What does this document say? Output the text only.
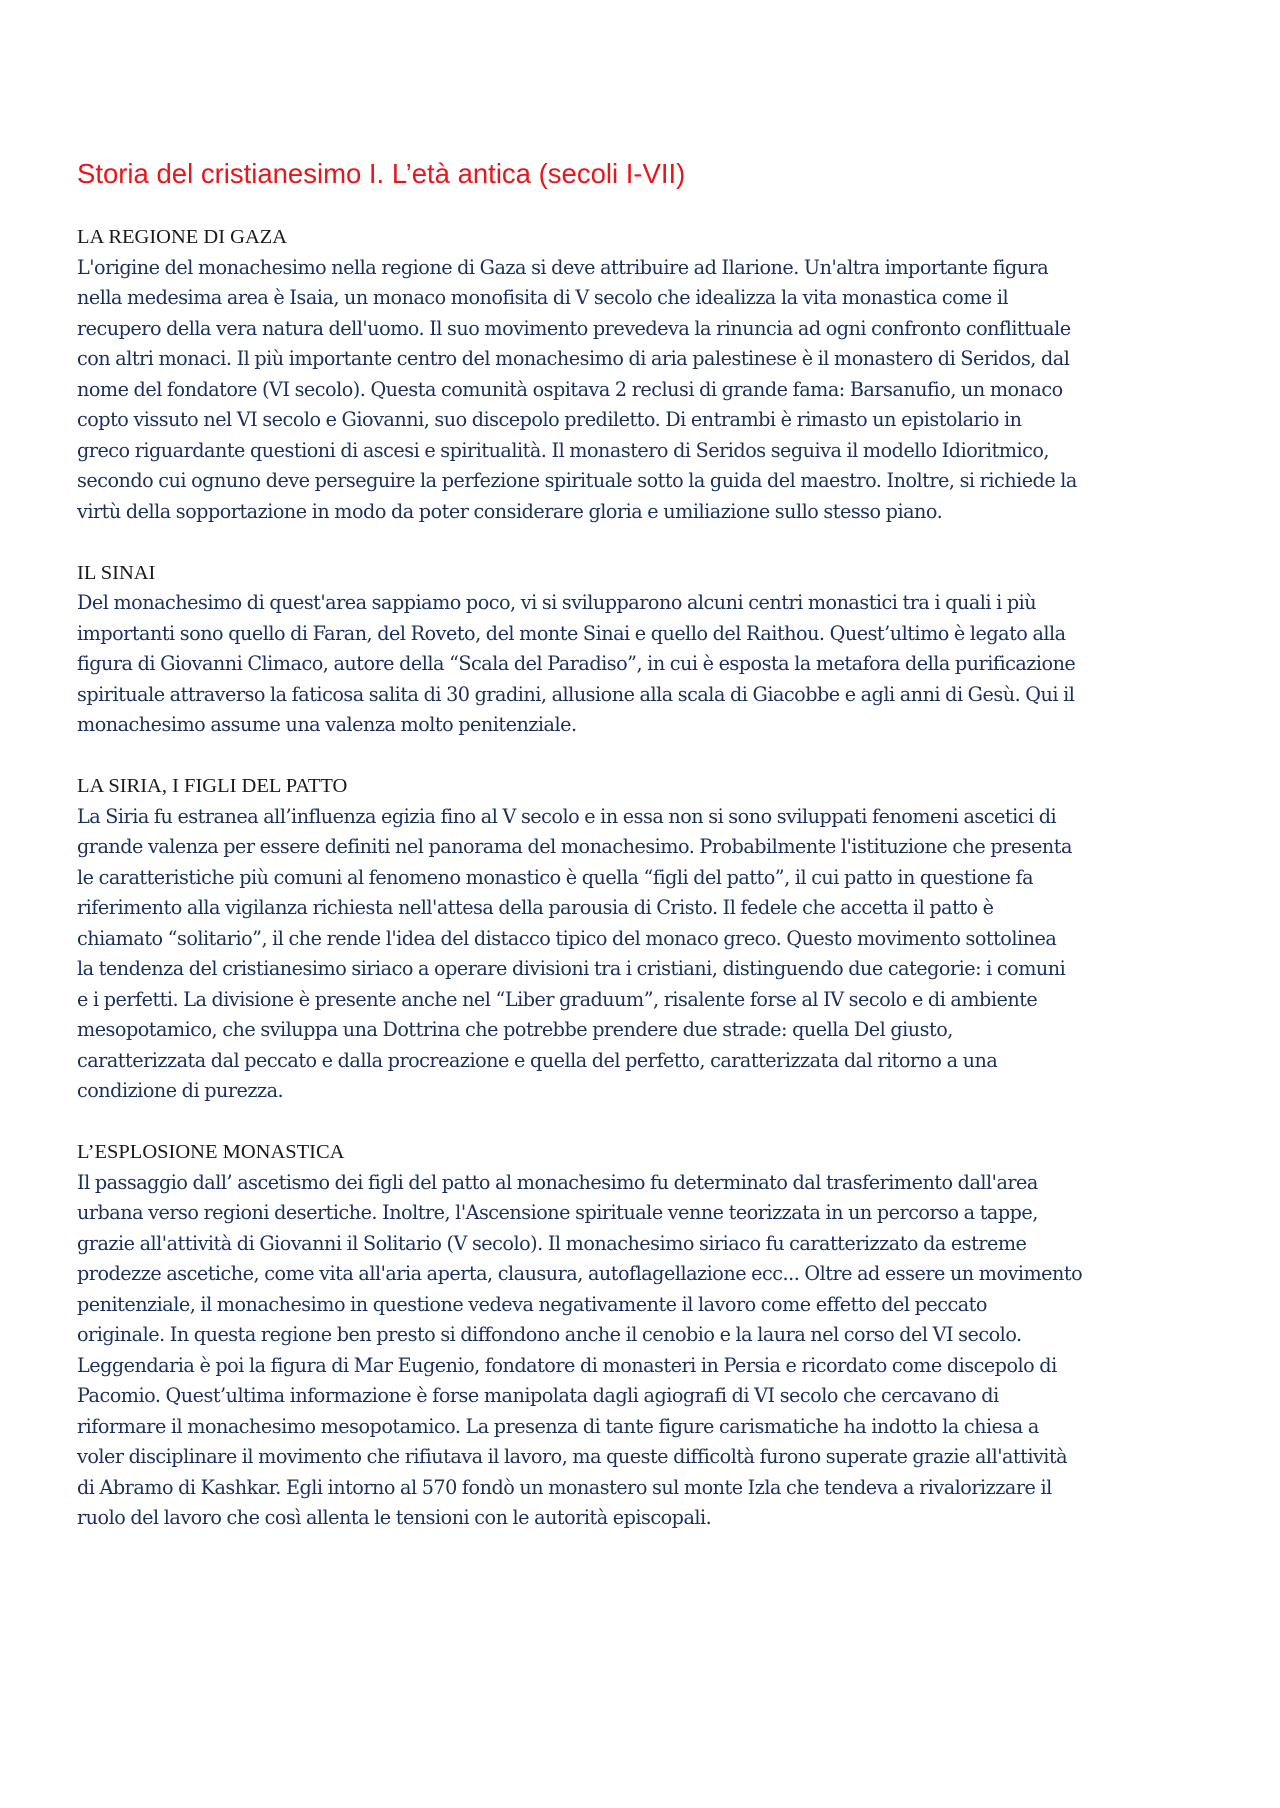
Storia del cristianesimo I. L’età antica (secoli I-VII)
LA REGIONE DI GAZA

L'origine del monachesimo nella regione di Gaza si deve attribuire ad Ilarione. Un'altra importante figura
nella medesima area è Isaia, un monaco monofisita di V secolo che idealizza la vita monastica come il
recupero della vera natura dell'uomo. Il suo movimento prevedeva la rinuncia ad ogni confronto conflittuale
con altri monaci. Il più importante centro del monachesimo di aria palestinese è il monastero di Seridos, dal
nome del fondatore (VI secolo). Questa comunità ospitava 2 reclusi di grande fama: Barsanufio, un monaco
copto vissuto nel VI secolo e Giovanni, suo discepolo prediletto. Di entrambi è rimasto un epistolario in
greco riguardante questioni di ascesi e spiritualità. Il monastero di Seridos seguiva il modello Idioritmico,
secondo cui ognuno deve perseguire la perfezione spirituale sotto la guida del maestro. Inoltre, si richiede la
virtù della sopportazione in modo da poter considerare gloria e umiliazione sullo stesso piano.

IL SINAI

Del monachesimo di quest'area sappiamo poco, vi si svilupparono alcuni centri monastici tra i quali i più
importanti sono quello di Faran, del Roveto, del monte Sinai e quello del Raithou. Quest’ultimo è legato alla
figura di Giovanni Climaco, autore della “Scala del Paradiso”, in cui è esposta la metafora della purificazione
spirituale attraverso la faticosa salita di 30 gradini, allusione alla scala di Giacobbe e agli anni di Gesù. Qui il
monachesimo assume una valenza molto penitenziale.

LA SIRIA, I FIGLI DEL PATTO

La Siria fu estranea all’influenza egizia fino al V secolo e in essa non si sono sviluppati fenomeni ascetici di
grande valenza per essere definiti nel panorama del monachesimo. Probabilmente l'istituzione che presenta
le caratteristiche più comuni al fenomeno monastico è quella “figli del patto”, il cui patto in questione fa
riferimento alla vigilanza richiesta nell'attesa della parousia di Cristo. Il fedele che accetta il patto è
chiamato “solitario”, il che rende l'idea del distacco tipico del monaco greco. Questo movimento sottolinea
la tendenza del cristianesimo siriaco a operare divisioni tra i cristiani, distinguendo due categorie: i comuni
e i perfetti. La divisione è presente anche nel “Liber graduum”, risalente forse al IV secolo e di ambiente
mesopotamico, che sviluppa una Dottrina che potrebbe prendere due strade: quella Del giusto,
caratterizzata dal peccato e dalla procreazione e quella del perfetto, caratterizzata dal ritorno a una
condizione di purezza.

L’ESPLOSIONE MONASTICA

Il passaggio dall’ ascetismo dei figli del patto al monachesimo fu determinato dal trasferimento dall'area
urbana verso regioni desertiche. Inoltre, l'Ascensione spirituale venne teorizzata in un percorso a tappe,
grazie all'attività di Giovanni il Solitario (V secolo). Il monachesimo siriaco fu caratterizzato da estreme
prodezze ascetiche, come vita all'aria aperta, clausura, autoflagellazione ecc... Oltre ad essere un movimento
penitenziale, il monachesimo in questione vedeva negativamente il lavoro come effetto del peccato
originale. In questa regione ben presto si diffondono anche il cenobio e la laura nel corso del VI secolo.
Leggendaria è poi la figura di Mar Eugenio, fondatore di monasteri in Persia e ricordato come discepolo di
Pacomio. Quest’ultima informazione è forse manipolata dagli agiografi di VI secolo che cercavano di
riformare il monachesimo mesopotamico. La presenza di tante figure carismatiche ha indotto la chiesa a
voler disciplinare il movimento che rifiutava il lavoro, ma queste difficoltà furono superate grazie all'attività
di Abramo di Kashkar. Egli intorno al 570 fondò un monastero sul monte Izla che tendeva a rivalorizzare il
ruolo del lavoro che così allenta le tensioni con le autorità episcopali.
